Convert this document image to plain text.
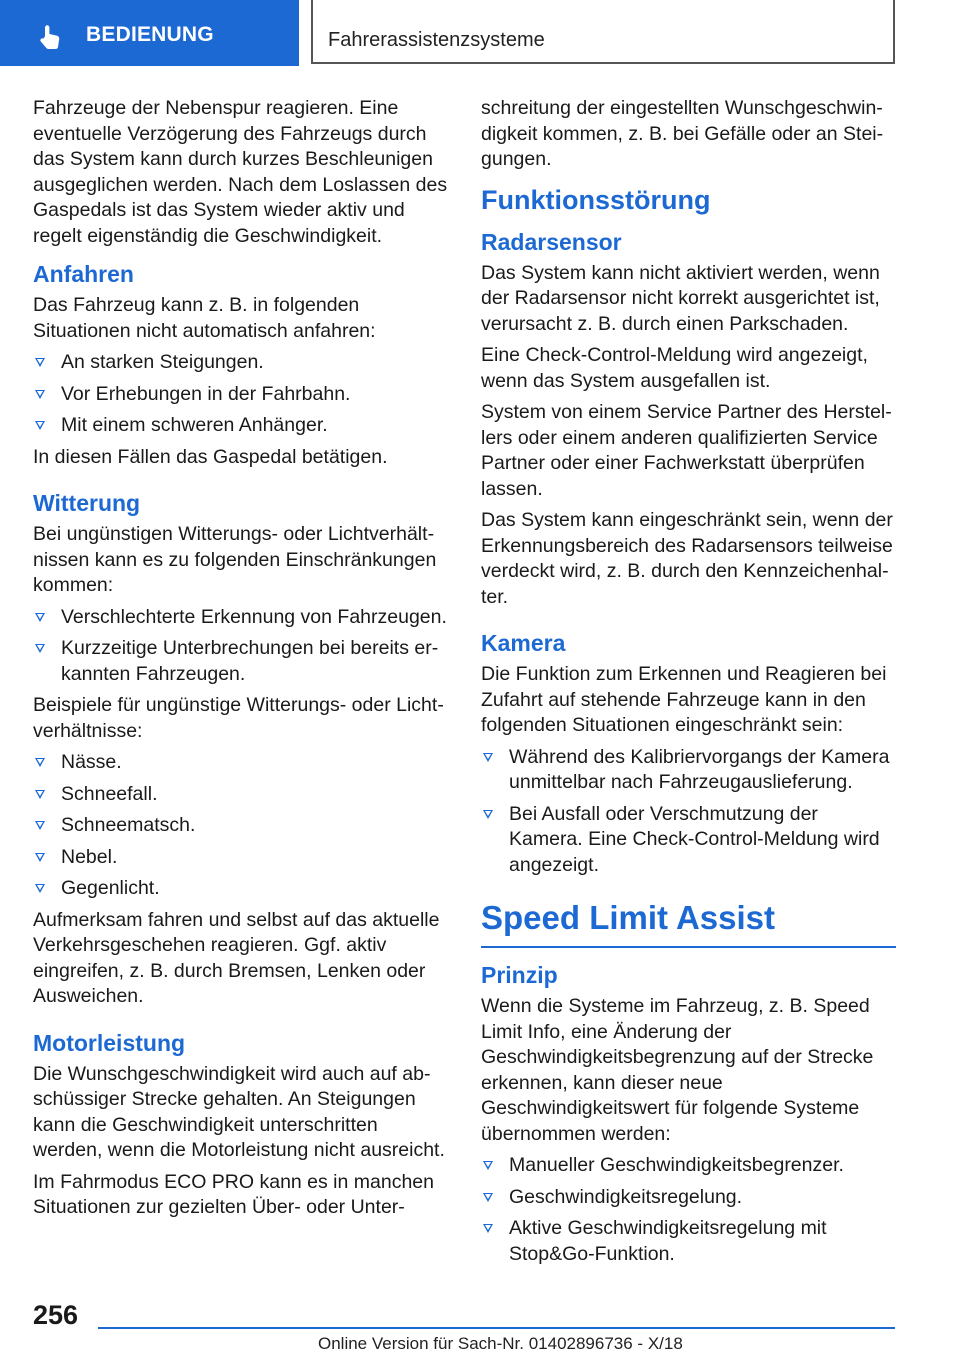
BEDIENUNG	Fahrerassistenzsysteme

Fahrzeuge der Nebenspur reagieren. Eine eventuelle Verzögerung des Fahrzeugs durch das System kann durch kurzes Beschleunigen ausgeglichen werden. Nach dem Loslassen des Gaspedals ist das System wieder aktiv und regelt eigenständig die Geschwindigkeit.

Anfahren

Das Fahrzeug kann z. B. in folgenden Situationen nicht automatisch anfahren:

An starken Steigungen.
Vor Erhebungen in der Fahrbahn.
Mit einem schweren Anhänger.

In diesen Fällen das Gaspedal betätigen.

Witterung

Bei ungünstigen Witterungs- oder Lichtverhältnissen kann es zu folgenden Einschränkungen kommen:

Verschlechterte Erkennung von Fahrzeugen.
Kurzzeitige Unterbrechungen bei bereits erkannten Fahrzeugen.

Beispiele für ungünstige Witterungs- oder Lichtverhältnisse:

Nässe.
Schneefall.
Schneematsch.
Nebel.
Gegenlicht.

Aufmerksam fahren und selbst auf das aktuelle Verkehrsgeschehen reagieren. Ggf. aktiv eingreifen, z. B. durch Bremsen, Lenken oder Ausweichen.

Motorleistung

Die Wunschgeschwindigkeit wird auch auf abschüssiger Strecke gehalten. An Steigungen kann die Geschwindigkeit unterschritten werden, wenn die Motorleistung nicht ausreicht.

Im Fahrmodus ECO PRO kann es in manchen Situationen zur gezielten Über- oder Unter-

schreitung der eingestellten Wunschgeschwindigkeit kommen, z. B. bei Gefälle oder an Steigungen.

Funktionsstörung
Radarsensor

Das System kann nicht aktiviert werden, wenn der Radarsensor nicht korrekt ausgerichtet ist, verursacht z. B. durch einen Parkschaden.

Eine Check-Control-Meldung wird angezeigt, wenn das System ausgefallen ist.

System von einem Service Partner des Herstellers oder einem anderen qualifizierten Service Partner oder einer Fachwerkstatt überprüfen lassen.

Das System kann eingeschränkt sein, wenn der Erkennungsbereich des Radarsensors teilweise verdeckt wird, z. B. durch den Kennzeichenhalter.

Kamera

Die Funktion zum Erkennen und Reagieren bei Zufahrt auf stehende Fahrzeuge kann in den folgenden Situationen eingeschränkt sein:

Während des Kalibriervorgangs der Kamera unmittelbar nach Fahrzeugauslieferung.
Bei Ausfall oder Verschmutzung der Kamera. Eine Check-Control-Meldung wird angezeigt.
Speed Limit Assist
Prinzip

Wenn die Systeme im Fahrzeug, z. B. Speed Limit Info, eine Änderung der Geschwindigkeitsbegrenzung auf der Strecke erkennen, kann dieser neue Geschwindigkeitswert für folgende Systeme übernommen werden:

Manueller Geschwindigkeitsbegrenzer.
Geschwindigkeitsregelung.
Aktive Geschwindigkeitsregelung mit Stop&Go-Funktion.
256
Online Version für Sach-Nr. 01402896736 - X/18
